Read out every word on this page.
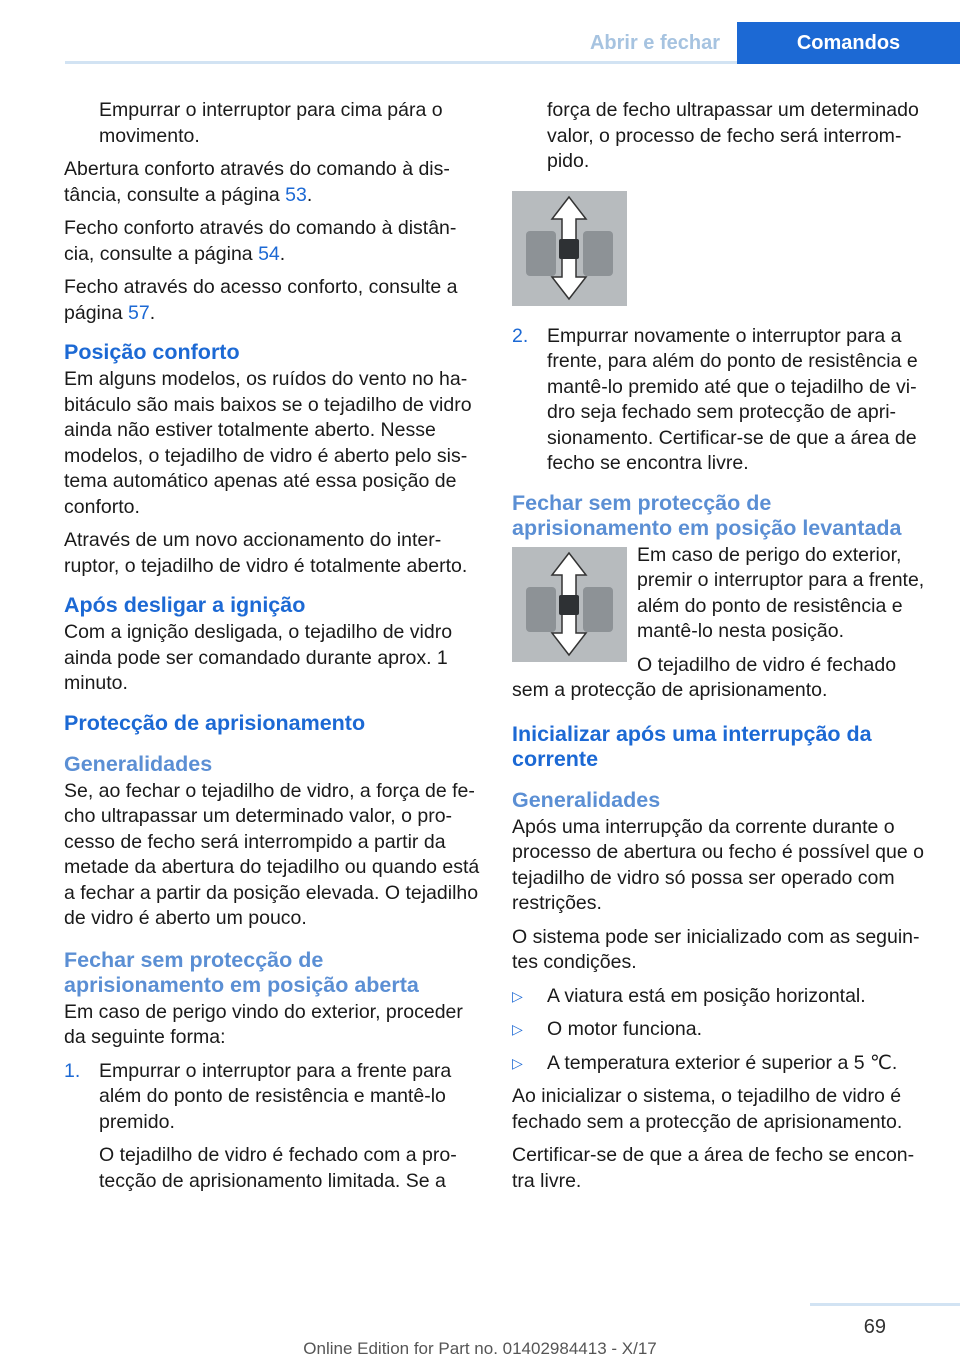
Abrir e fechar	Comandos

Empurrar o interruptor para cima pára o movimento.

Abertura conforto através do comando à distância, consulte a página 53.

Fecho conforto através do comando à distância, consulte a página 54.

Fecho através do acesso conforto, consulte a página 57.

Posição conforto

Em alguns modelos, os ruídos do vento no habitáculo são mais baixos se o tejadilho de vidro ainda não estiver totalmente aberto. Nesse modelos, o tejadilho de vidro é aberto pelo sistema automático apenas até essa posição de conforto.

Através de um novo accionamento do interruptor, o tejadilho de vidro é totalmente aberto.

Após desligar a ignição

Com a ignição desligada, o tejadilho de vidro ainda pode ser comandado durante aprox. 1 minuto.

Protecção de aprisionamento
Generalidades

Se, ao fechar o tejadilho de vidro, a força de fecho ultrapassar um determinado valor, o processo de fecho será interrompido a partir da metade da abertura do tejadilho ou quando está a fechar a partir da posição elevada. O tejadilho de vidro é aberto um pouco.

Fechar sem protecção de aprisionamento em posição aberta

Em caso de perigo vindo do exterior, proceder da seguinte forma:

1. Empurrar o interruptor para a frente para além do ponto de resistência e mantê-lo premido.

O tejadilho de vidro é fechado com a protecção de aprisionamento limitada. Se a

força de fecho ultrapassar um determinado valor, o processo de fecho será interrompido.

2. Empurrar novamente o interruptor para a frente, para além do ponto de resistência e mantê-lo premido até que o tejadilho de vidro seja fechado sem protecção de aprisionamento. Certificar-se de que a área de fecho se encontra livre.
Fechar sem protecção de aprisionamento em posição levantada

Em caso de perigo do exterior, premir o interruptor para a frente, além do ponto de resistência e mantê-lo nesta posição.

O tejadilho de vidro é fechado sem a protecção de aprisionamento.

Inicializar após uma interrupção da corrente
Generalidades

Após uma interrupção da corrente durante o processo de abertura ou fecho é possível que o tejadilho de vidro só possa ser operado com restrições.

O sistema pode ser inicializado com as seguintes condições.

▷ A viatura está em posição horizontal.
▷ O motor funciona.
▷ A temperatura exterior é superior a 5 ℃.

Ao inicializar o sistema, o tejadilho de vidro é fechado sem a protecção de aprisionamento.

Certificar-se de que a área de fecho se encontra livre.

69
Online Edition for Part no. 01402984413 - X/17
